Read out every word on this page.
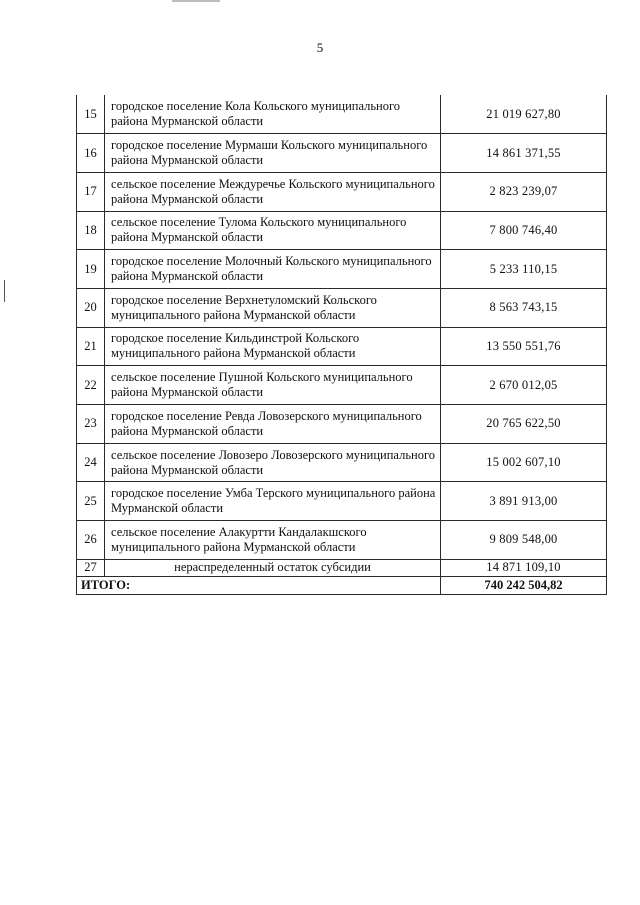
5
15	городское поселение Кола Кольского муниципального района Мурманской области	21 019 627,80
16	городское поселение Мурмаши Кольского муниципального района Мурманской области	14 861 371,55
17	сельское поселение Междуречье Кольского муниципального района Мурманской области	2 823 239,07
18	сельское поселение Тулома Кольского муниципального района Мурманской области	7 800 746,40
19	городское поселение Молочный Кольского муниципального района Мурманской области	5 233 110,15
20	городское поселение Верхнетуломский Кольского муниципального района Мурманской области	8 563 743,15
21	городское поселение Кильдинстрой Кольского муниципального района Мурманской области	13 550 551,76
22	сельское поселение Пушной Кольского муниципального района Мурманской области	2 670 012,05
23	городское поселение Ревда Ловозерского муниципального района Мурманской области	20 765 622,50
24	сельское поселение Ловозеро Ловозерского муниципального района Мурманской области	15 002 607,10
25	городское поселение Умба Терского муниципального района Мурманской области	3 891 913,00
26	сельское поселение Алакуртти Кандалакшского муниципального района Мурманской области	9 809 548,00
27	нераспределенный остаток субсидии	14 871 109,10
ИТОГО:		740 242 504,82
